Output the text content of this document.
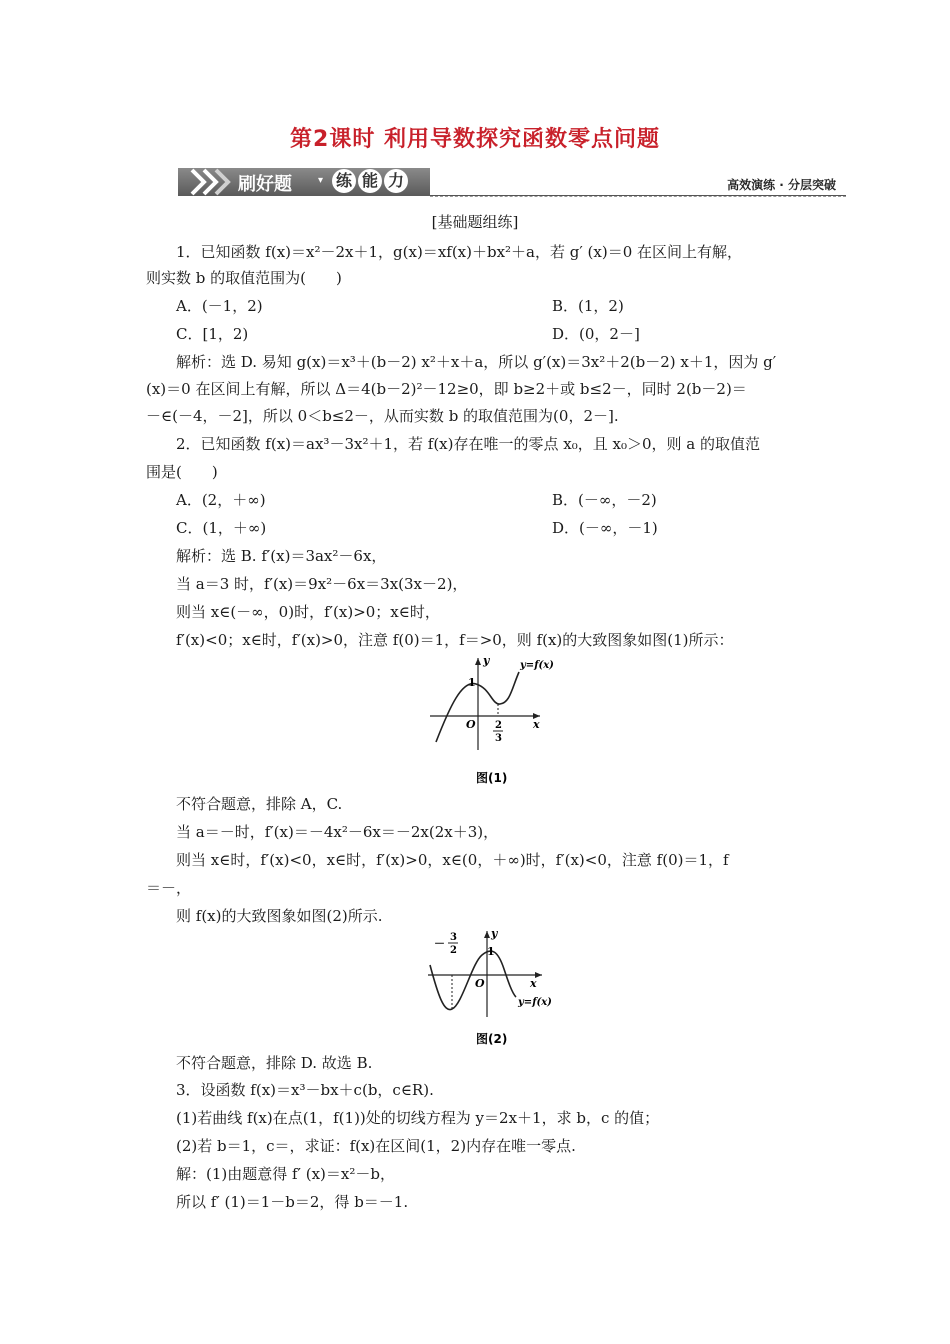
第2课时 利用导数探究函数零点问题
刷好题	▾ 练 能 力	高效演练 · 分层突破
[基础题组练]
1．已知函数 f(x)＝x²－2x＋1，g(x)＝xf(x)＋bx²＋a，若 g′ (x)＝0 在区间上有解，
则实数 b 的取值范围为(　　)
A．(－1，2)	B．(1，2)
C．[1，2)	D．(0，2－]
解析：选 D. 易知 g(x)＝x³＋(b－2) x²＋x＋a，所以 g′(x)＝3x²＋2(b－2) x＋1，因为 g′
(x)＝0 在区间上有解，所以 Δ＝4(b－2)²－12≥0，即 b≥2＋或 b≤2－，同时 2(b－2)＝
－∈(－4，－2]，所以 0＜b≤2－，从而实数 b 的取值范围为(0，2－].
2．已知函数 f(x)＝ax³－3x²＋1，若 f(x)存在唯一的零点 x₀，且 x₀＞0，则 a 的取值范
围是(　　)
A．(2，＋∞)	B．(－∞，－2)
C．(1，＋∞)	D．(－∞，－1)
解析：选 B. f′(x)＝3ax²－6x，
当 a＝3 时，f′(x)＝9x²－6x＝3x(3x－2)，
则当 x∈(－∞，0)时，f′(x)>0；x∈时，
f′(x)<0；x∈时，f′(x)>0，注意 f(0)＝1，f＝>0，则 f(x)的大致图象如图(1)所示：
y
x
O
1
2
3
y=f(x)
图(1)
不符合题意，排除 A，C.
当 a＝－时，f′(x)＝－4x²－6x＝－2x(2x＋3)，
则当 x∈时，f′(x)<0，x∈时，f′(x)>0，x∈(0，＋∞)时，f′(x)<0，注意 f(0)＝1，f
＝－，
则 f(x)的大致图象如图(2)所示.
－ 3
2
y
1
O	x
y=f(x)
图(2)
不符合题意，排除 D. 故选 B.
3．设函数 f(x)＝x³－bx＋c(b，c∈R).
(1)若曲线 f(x)在点(1，f(1))处的切线方程为 y＝2x＋1，求 b，c 的值；
(2)若 b＝1，c＝，求证：f(x)在区间(1，2)内存在唯一零点.
解：(1)由题意得 f′ (x)＝x²－b，
所以 f′ (1)＝1－b＝2，得 b＝－1.
